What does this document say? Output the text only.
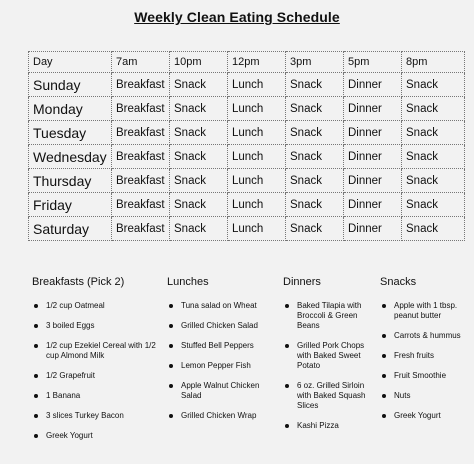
Weekly Clean Eating Schedule
Day	7am	10pm	12pm	3pm	5pm	8pm
Sunday	Breakfast	Snack	Lunch	Snack	Dinner	Snack
Monday	Breakfast	Snack	Lunch	Snack	Dinner	Snack
Tuesday	Breakfast	Snack	Lunch	Snack	Dinner	Snack
Wednesday	Breakfast	Snack	Lunch	Snack	Dinner	Snack
Thursday	Breakfast	Snack	Lunch	Snack	Dinner	Snack
Friday	Breakfast	Snack	Lunch	Snack	Dinner	Snack
Saturday	Breakfast	Snack	Lunch	Snack	Dinner	Snack
Breakfasts (Pick 2)
1/2 cup Oatmeal
3 boiled Eggs
1/2 cup Ezekiel Cereal with 1/2 cup Almond Milk
1/2 Grapefruit
1 Banana
3 slices Turkey Bacon
Greek Yogurt
Lunches
Tuna salad on Wheat
Grilled Chicken Salad
Stuffed Bell Peppers
Lemon Pepper Fish
Apple Walnut Chicken Salad
Grilled Chicken Wrap
Dinners
Baked Tilapia with Broccoli & Green Beans
Grilled Pork Chops with Baked Sweet Potato
6 oz. Grilled Sirloin with Baked Squash Slices
Kashi Pizza
Snacks
Apple with 1 tbsp. peanut butter
Carrots & hummus
Fresh fruits
Fruit Smoothie
Nuts
Greek Yogurt
